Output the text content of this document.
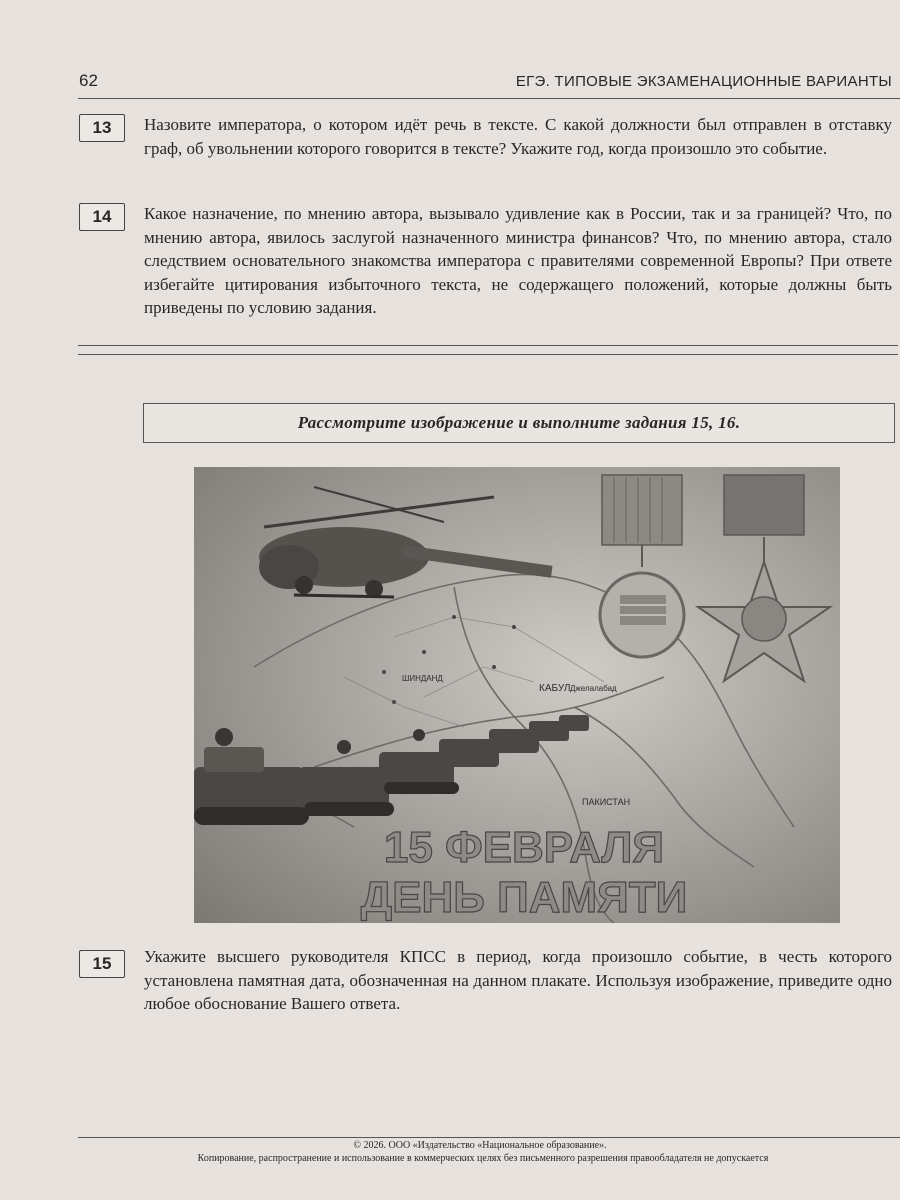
62	ЕГЭ. ТИПОВЫЕ ЭКЗАМЕНАЦИОННЫЕ ВАРИАНТЫ
13	Назовите императора, о котором идёт речь в тексте. С какой должности был отправлен в отставку граф, об увольнении которого говорится в тексте? Укажите год, когда произошло это событие.
14	Какое назначение, по мнению автора, вызывало удивление как в России, так и за границей? Что, по мнению автора, явилось заслугой назначенного министра финансов? Что, по мнению автора, стало следствием основательного знакомства императора с правителями современной Европы? При ответе избегайте цитирования избыточного текста, не содержащего положений, которые должны быть приведены по условию задания.
Рассмотрите изображение и выполните задания 15, 16.
КАБУЛ Джелалабад
ПАКИСТАН
ШИНДАНД
15 ФЕВРАЛЯ
ДЕНЬ ПАМЯТИ
15	Укажите высшего руководителя КПСС в период, когда произошло событие, в честь которого установлена памятная дата, обозначенная на данном плакате. Используя изображение, приведите одно любое обоснование Вашего ответа.
© 2026. ООО «Издательство «Национальное образование».
Копирование, распространение и использование в коммерческих целях без письменного разрешения правообладателя не допускается
